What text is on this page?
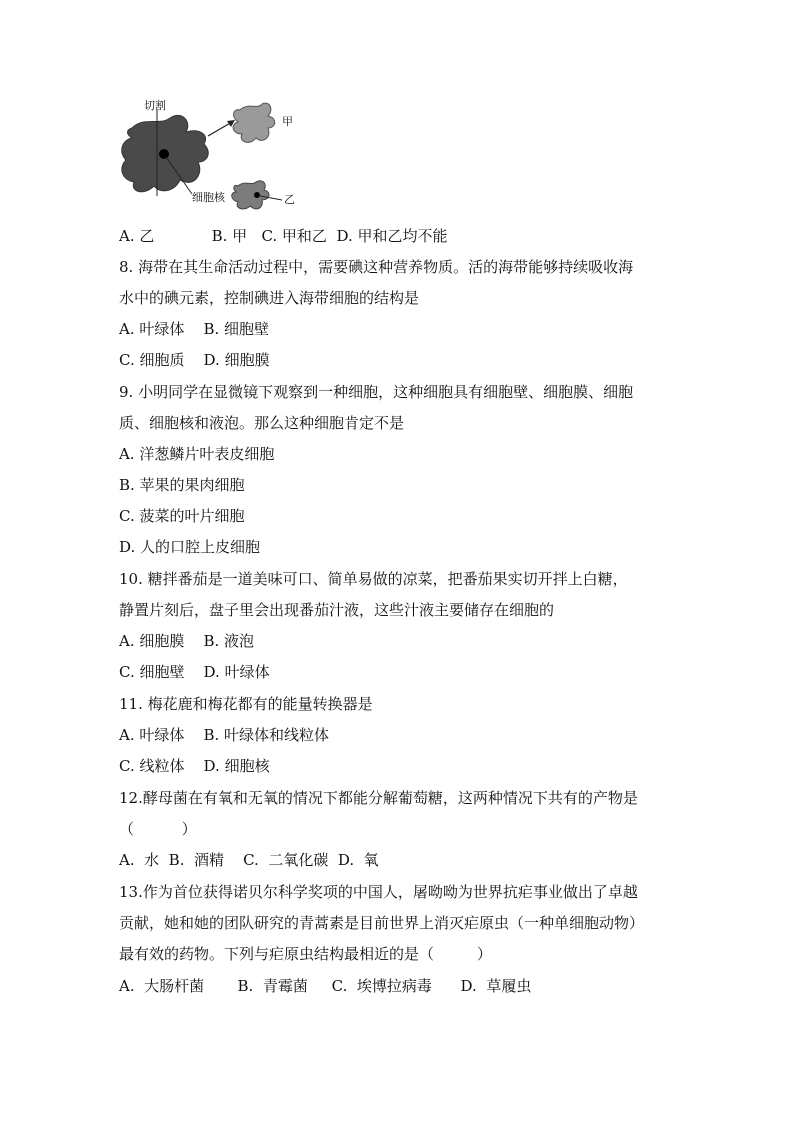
切割
甲
细胞核	乙
A. 乙            B. 甲   C. 甲和乙  D. 甲和乙均不能
8. 海带在其生命活动过程中，需要碘这种营养物质。活的海带能够持续吸收海
水中的碘元素，控制碘进入海带细胞的结构是
A. 叶绿体    B. 细胞壁
C. 细胞质    D. 细胞膜
9. 小明同学在显微镜下观察到一种细胞，这种细胞具有细胞壁、细胞膜、细胞
质、细胞核和液泡。那么这种细胞肯定不是
A. 洋葱鳞片叶表皮细胞
B. 苹果的果肉细胞
C. 菠菜的叶片细胞
D. 人的口腔上皮细胞
10. 糖拌番茄是一道美味可口、简单易做的凉菜，把番茄果实切开拌上白糖，
静置片刻后，盘子里会出现番茄汁液，这些汁液主要储存在细胞的
A. 细胞膜    B. 液泡
C. 细胞壁    D. 叶绿体
11. 梅花鹿和梅花都有的能量转换器是
A. 叶绿体    B. 叶绿体和线粒体
C. 线粒体    D. 细胞核
12.酵母菌在有氧和无氧的情况下都能分解葡萄糖，这两种情况下共有的产物是
（          ）
A.  水  B.  酒精    C.  二氧化碳  D.  氧
13.作为首位获得诺贝尔科学奖项的中国人，屠呦呦为世界抗疟事业做出了卓越
贡献，她和她的团队研究的青蒿素是目前世界上消灭疟原虫（一种单细胞动物）
最有效的药物。下列与疟原虫结构最相近的是（         ）
A.  大肠杆菌       B.  青霉菌     C.  埃博拉病毒      D.  草履虫
